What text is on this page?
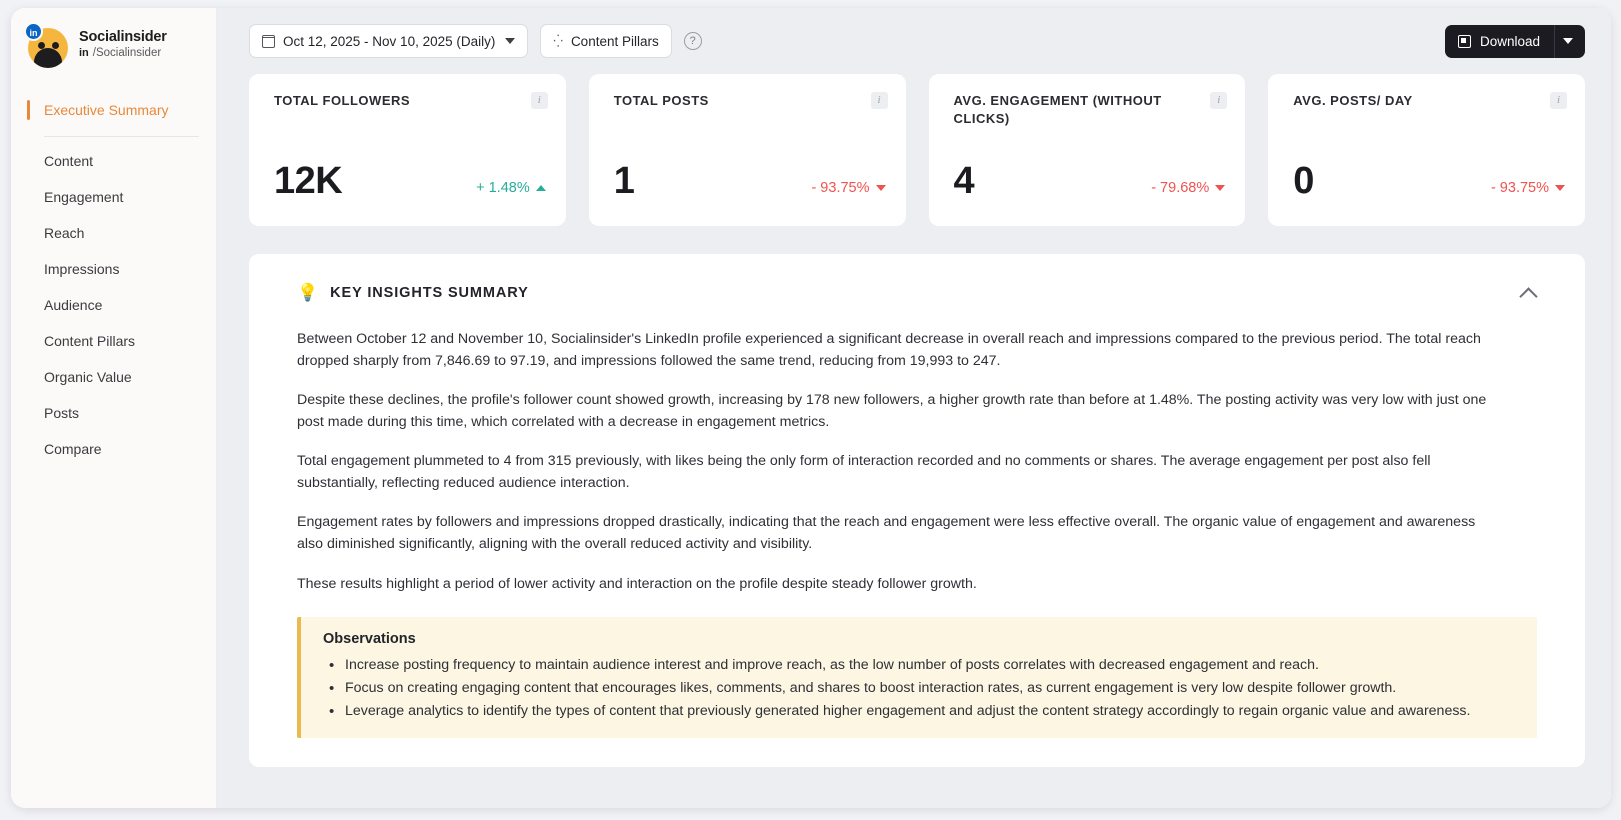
in	Socialinsider
in /Socialinsider
Executive Summary
Content
Engagement
Reach
Impressions
Audience
Content Pillars
Organic Value
Posts
Compare
Oct 12, 2025 - Nov 10, 2025 (Daily)	⁛ Content Pillars	?	Download
TOTAL FOLLOWERS	i
12K	+ 1.48%
TOTAL POSTS	i
1	- 93.75%
AVG. ENGAGEMENT (WITHOUT CLICKS)
i
4	- 79.68%
AVG. POSTS/ DAY	i
0	- 93.75%
💡 KEY INSIGHTS SUMMARY

Between October 12 and November 10, Socialinsider's LinkedIn profile experienced a significant decrease in overall reach and impressions compared to the previous period. The total reach dropped sharply from 7,846.69 to 97.19, and impressions followed the same trend, reducing from 19,993 to 247.

Despite these declines, the profile's follower count showed growth, increasing by 178 new followers, a higher growth rate than before at 1.48%. The posting activity was very low with just one post made during this time, which correlated with a decrease in engagement metrics.

Total engagement plummeted to 4 from 315 previously, with likes being the only form of interaction recorded and no comments or shares. The average engagement per post also fell substantially, reflecting reduced audience interaction.

Engagement rates by followers and impressions dropped drastically, indicating that the reach and engagement were less effective overall. The organic value of engagement and awareness also diminished significantly, aligning with the overall reduced activity and visibility.

These results highlight a period of lower activity and interaction on the profile despite steady follower growth.

Observations
• Increase posting frequency to maintain audience interest and improve reach, as the low number of posts correlates with decreased engagement and reach.
• Focus on creating engaging content that encourages likes, comments, and shares to boost interaction rates, as current engagement is very low despite follower growth.
• Leverage analytics to identify the types of content that previously generated higher engagement and adjust the content strategy accordingly to regain organic value and awareness.
